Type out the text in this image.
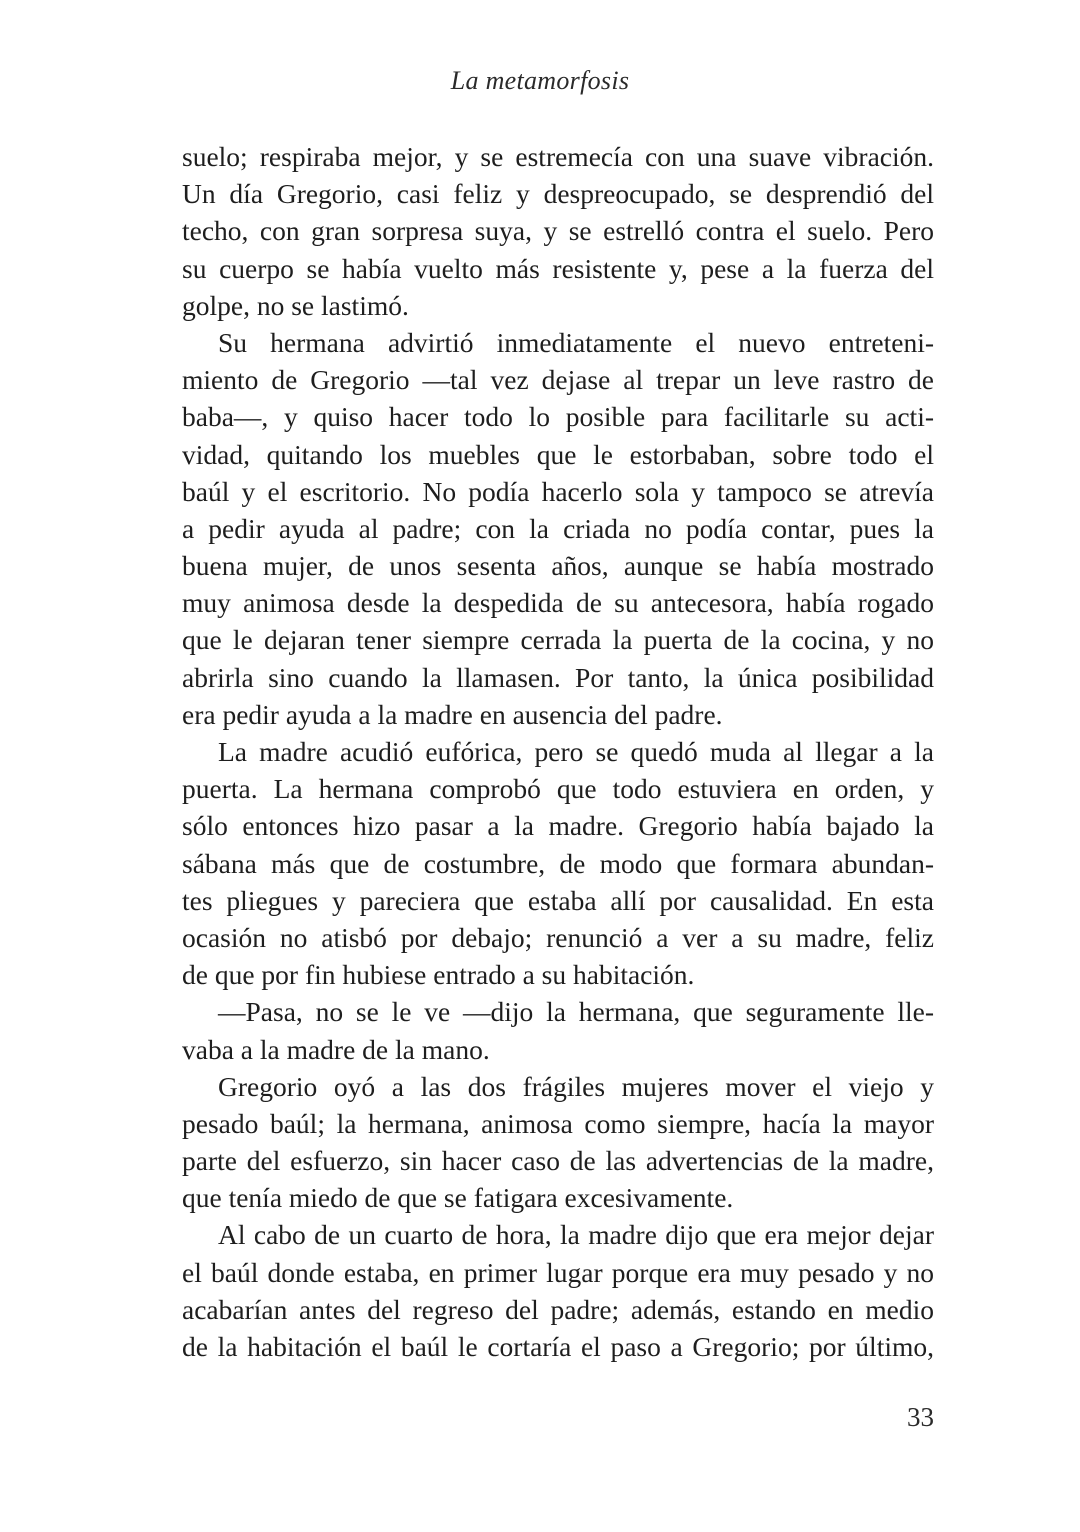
La metamorfosis
suelo; respiraba mejor, y se estremecía con una suave vibración.
Un día Gregorio, casi feliz y despreocupado, se desprendió del
techo, con gran sorpresa suya, y se estrelló contra el suelo. Pero
su cuerpo se había vuelto más resistente y, pese a la fuerza del
golpe, no se lastimó.
Su hermana advirtió inmediatamente el nuevo entreteni-
miento de Gregorio —tal vez dejase al trepar un leve rastro de
baba—, y quiso hacer todo lo posible para facilitarle su acti-
vidad, quitando los muebles que le estorbaban, sobre todo el
baúl y el escritorio. No podía hacerlo sola y tampoco se atrevía
a pedir ayuda al padre; con la criada no podía contar, pues la
buena mujer, de unos sesenta años, aunque se había mostrado
muy animosa desde la despedida de su antecesora, había rogado
que le dejaran tener siempre cerrada la puerta de la cocina, y no
abrirla sino cuando la llamasen. Por tanto, la única posibilidad
era pedir ayuda a la madre en ausencia del padre.
La madre acudió eufórica, pero se quedó muda al llegar a la
puerta. La hermana comprobó que todo estuviera en orden, y
sólo entonces hizo pasar a la madre. Gregorio había bajado la
sábana más que de costumbre, de modo que formara abundan-
tes pliegues y pareciera que estaba allí por causalidad. En esta
ocasión no atisbó por debajo; renunció a ver a su madre, feliz
de que por fin hubiese entrado a su habitación.
—Pasa, no se le ve —dijo la hermana, que seguramente lle-
vaba a la madre de la mano.
Gregorio oyó a las dos frágiles mujeres mover el viejo y
pesado baúl; la hermana, animosa como siempre, hacía la mayor
parte del esfuerzo, sin hacer caso de las advertencias de la madre,
que tenía miedo de que se fatigara excesivamente.
Al cabo de un cuarto de hora, la madre dijo que era mejor dejar
el baúl donde estaba, en primer lugar porque era muy pesado y no
acabarían antes del regreso del padre; además, estando en medio
de la habitación el baúl le cortaría el paso a Gregorio; por último,
33
